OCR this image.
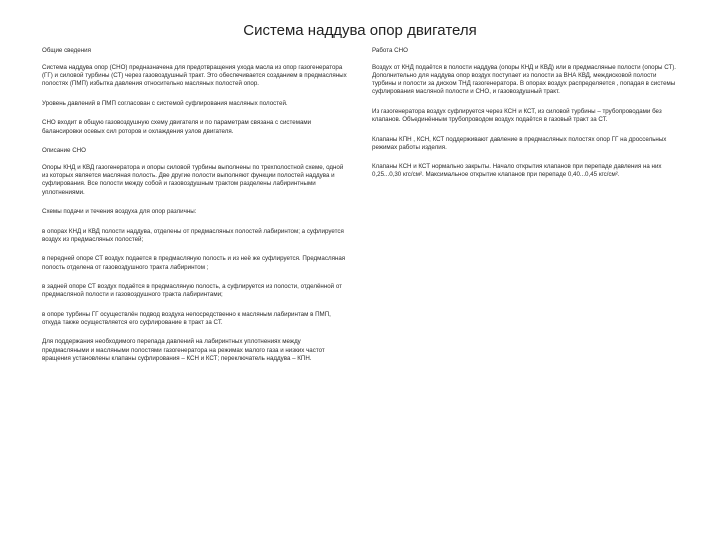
Система наддува опор двигателя

Общие сведения

Система наддува опор (СНО) предназначена для предотвращения ухода масла из опор газогенератора (ГГ) и силовой турбины (СТ) через газовоздушный тракт. Это обеспечивается созданием в предмасляных полостях (ПМП) избытка давления относительно масляных полостей опор.

Уровень давлений в ПМП согласован с системой суфлирования масляных полостей.

СНО входит в общую газовоздушную схему двигателя и по параметрам связана с системами балансировки осевых сил роторов и охлаждения узлов двигателя.

Описание СНО

Опоры КНД и КВД газогенератора и опоры силовой турбины выполнены по трехполостной схеме, одной из которых является масляная полость. Две другие полости выполняют функции полостей наддува и суфлирования. Все полости между собой и газовоздушным трактом разделены лабиринтными уплотнениями.

Схемы подачи и течения воздуха для опор различны:

в опорах КНД и КВД полости наддува, отделены от предмасляных полостей лабиринтом; а суфлируется воздух из предмасляных полостей;

в передней опоре СТ воздух подается в предмасляную полость и из неё же суфлируется. Предмасляная полость отделена от газовоздушного тракта лабиринтом ;

в задней опоре СТ воздух подаётся в предмасляную полость, а суфлируется из полости, отделённой от предмасляной полости и газовоздушного тракта лабиринтами;

в опоре турбины ГГ осуществлён подвод воздуха непосредственно к масляным лабиринтам в ПМП, откуда также осуществляется его суфлирование в тракт за СТ.

Для поддержания необходимого перепада давлений на лабиринтных уплотнениях между предмасляными и масляными полостями газогенератора на режимах малого газа и низких частот вращения установлены клапаны суфлирования – КСН и КСТ; переключатель наддува – КПН.

Работа СНО

Воздух от КНД подаётся в полости наддува (опоры КНД и КВД) или в предмасляные полости (опоры СТ). Дополнительно для наддува опор воздух поступает из полости за ВНА КВД, междисковой полости турбины и полости за диском ТНД газогенератора. В опорах воздух распределяется , попадая в системы суфлирования масляной полости и СНО, и газовоздушный тракт.

Из газогенератора воздух суфлируется через КСН и КСТ, из силовой турбины – трубопроводами без клапанов. Объединённым трубопроводом воздух подаётся в газовый тракт за СТ.

Клапаны КПН , КСН, КСТ поддерживают давление в предмасляных полостях опор ГГ на дроссельных режимах работы изделия.

Клапаны КСН и КСТ нормально закрыты. Начало открытия клапанов при перепаде давления на них 0,25...0,30 кгс/см². Максимальное открытие клапанов при перепаде 0,40...0,45 кгс/см².
